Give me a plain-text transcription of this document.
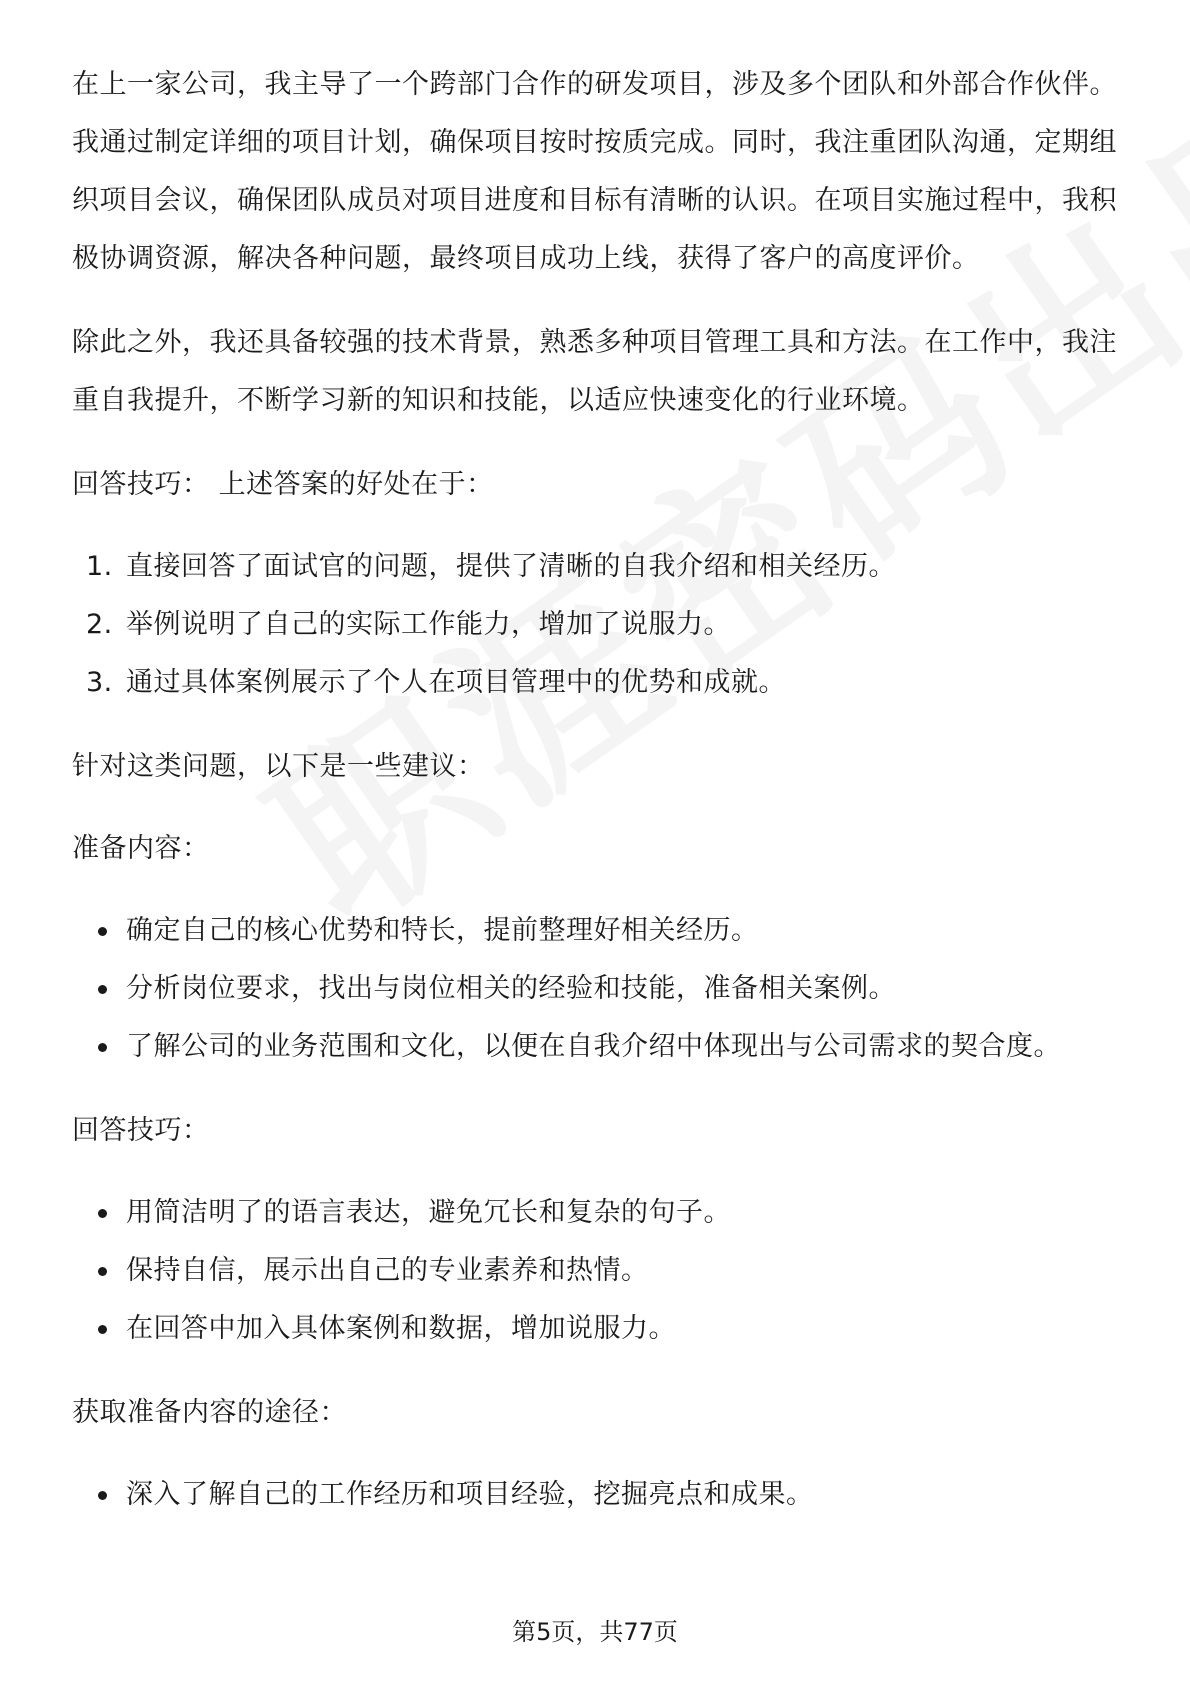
在上一家公司，我主导了一个跨部门合作的研发项目，涉及多个团队和外部合作伙伴。我通过制定详细的项目计划，确保项目按时按质完成。同时，我注重团队沟通，定期组织项目会议，确保团队成员对项目进度和目标有清晰的认识。在项目实施过程中，我积极协调资源，解决各种问题，最终项目成功上线，获得了客户的高度评价。

除此之外，我还具备较强的技术背景，熟悉多种项目管理工具和方法。在工作中，我注重自我提升，不断学习新的知识和技能，以适应快速变化的行业环境。

回答技巧： 上述答案的好处在于：

1. 直接回答了面试官的问题，提供了清晰的自我介绍和相关经历。
2. 举例说明了自己的实际工作能力，增加了说服力。
3. 通过具体案例展示了个人在项目管理中的优势和成就。

针对这类问题，以下是一些建议：

准备内容：

确定自己的核心优势和特长，提前整理好相关经历。
分析岗位要求，找出与岗位相关的经验和技能，准备相关案例。
了解公司的业务范围和文化，以便在自我介绍中体现出与公司需求的契合度。

回答技巧：

用简洁明了的语言表达，避免冗长和复杂的句子。
保持自信，展示出自己的专业素养和热情。
在回答中加入具体案例和数据，增加说服力。

获取准备内容的途径：

深入了解自己的工作经历和项目经验，挖掘亮点和成果。
第5页，共77页
